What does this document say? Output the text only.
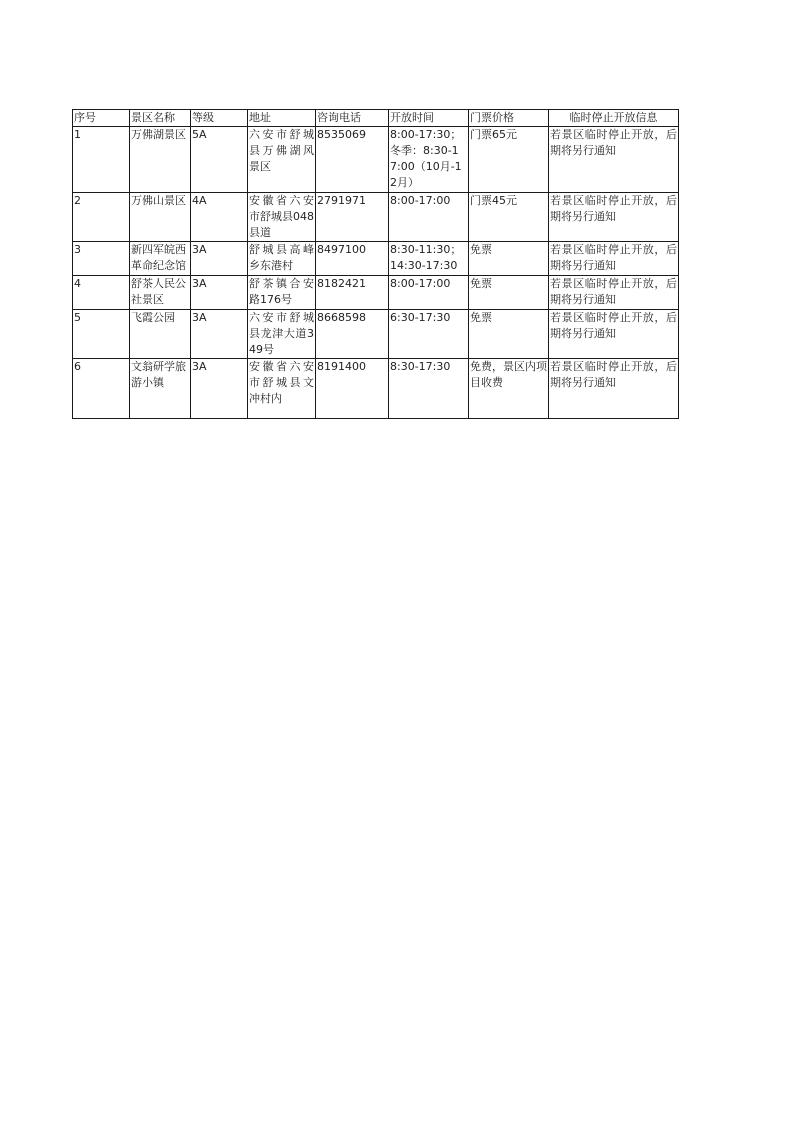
序号	景区名称	等级	地址	咨询电话	开放时间	门票价格	临时停止开放信息
1	万佛湖景区	5A	六安市舒城县万佛湖风景区	8535069	8:00-17:30；冬季：8:30-17:00（10月-12月）	门票65元	若景区临时停止开放，后期将另行通知
2	万佛山景区	4A	安徽省六安市舒城县048县道	2791971	8:00-17:00	门票45元	若景区临时停止开放，后期将另行通知
3	新四军皖西革命纪念馆	3A	舒城县高峰乡东港村	8497100	8:30-11:30；14:30-17:30	免票	若景区临时停止开放，后期将另行通知
4	舒茶人民公社景区	3A	舒茶镇合安路176号	8182421	8:00-17:00	免票	若景区临时停止开放，后期将另行通知
5	飞霞公园	3A	六安市舒城县龙津大道349号	8668598	6:30-17:30	免票	若景区临时停止开放，后期将另行通知
6	文翁研学旅游小镇	3A	安徽省六安市舒城县文冲村内	8191400	8:30-17:30	免费，景区内项目收费	若景区临时停止开放，后期将另行通知
